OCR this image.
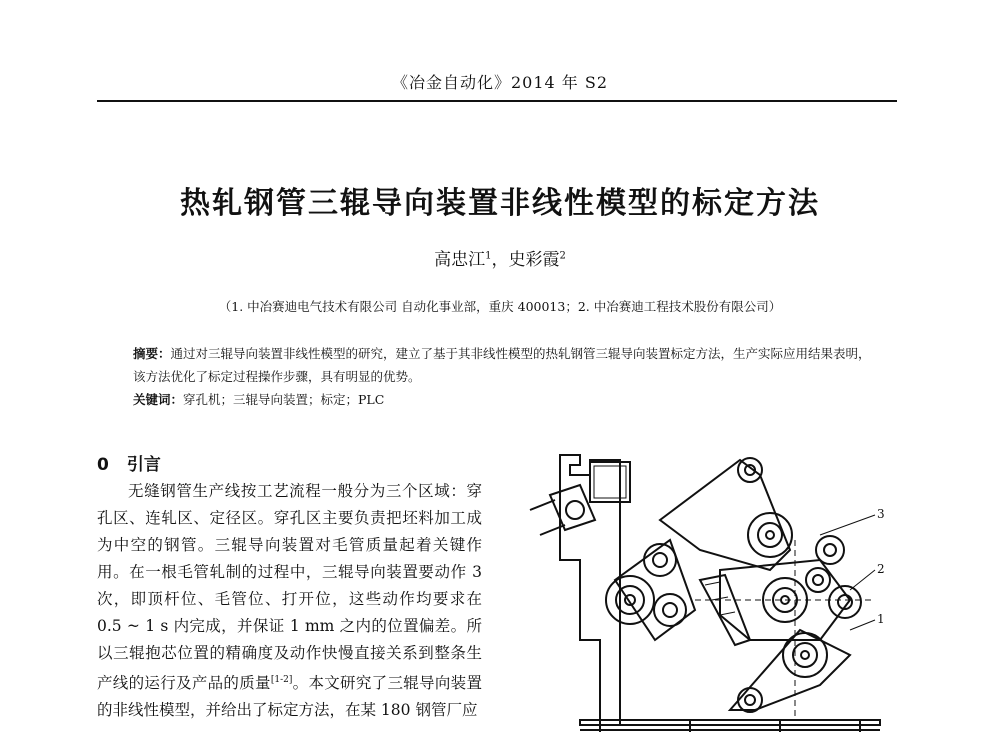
《冶金自动化》2014 年 S2
热轧钢管三辊导向装置非线性模型的标定方法
高忠江$^1$，史彩霞$^2$
（1. 中冶赛迪电气技术有限公司 自动化事业部，重庆 400013；2. 中冶赛迪工程技术股份有限公司）

摘要：通过对三辊导向装置非线性模型的研究，建立了基于其非线性模型的热轧钢管三辊导向装置标定方法，生产实际应用结果表明，该方法优化了标定过程操作步骤，具有明显的优势。

关键词：穿孔机；三辊导向装置；标定；PLC

0 引言

无缝钢管生产线按工艺流程一般分为三个区域：穿孔区、连轧区、定径区。穿孔区主要负责把坯料加工成为中空的钢管。三辊导向装置对毛管质量起着关键作用。在一根毛管轧制的过程中，三辊导向装置要动作 3 次，即顶杆位、毛管位、打开位，这些动作均要求在 0.5 ~ 1 s 内完成，并保证 1 mm 之内的位置偏差。所以三辊抱芯位置的精确度及动作快慢直接关系到整条生产线的运行及产品的质量[1-2]。本文研究了三辊导向装置的非线性模型，并给出了标定方法，在某 180 钢管厂应

3
2
1
